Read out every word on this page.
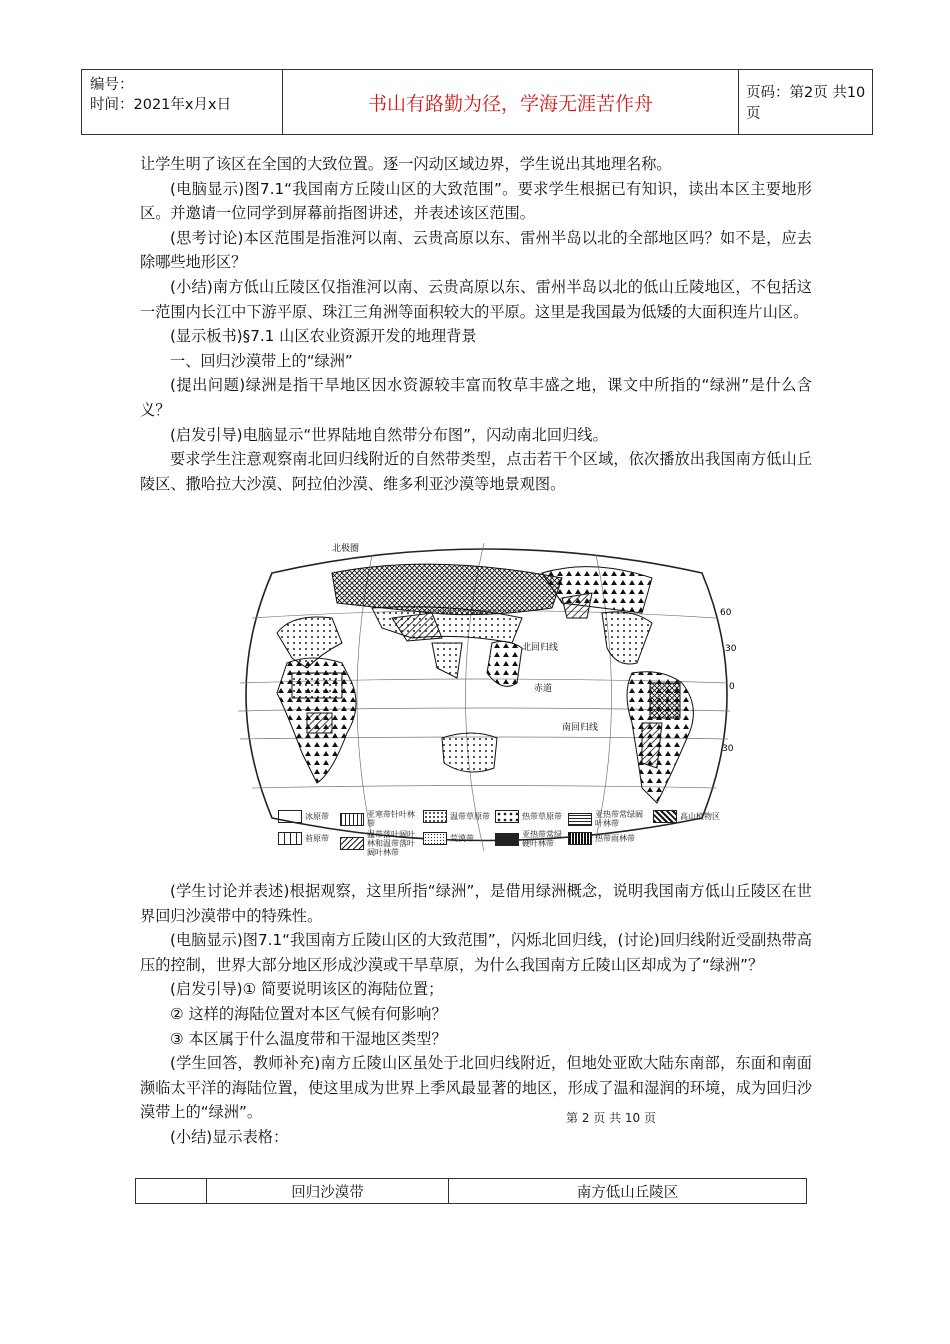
编号：
时间：2021年x月x日	书山有路勤为径，学海无涯苦作舟	页码：第2页 共10页

让学生明了该区在全国的大致位置。逐一闪动区域边界，学生说出其地理名称。

(电脑显示)图7.1“我国南方丘陵山区的大致范围”。要求学生根据已有知识，读出本区主要地形区。并邀请一位同学到屏幕前指图讲述，并表述该区范围。

(思考讨论)本区范围是指淮河以南、云贵高原以东、雷州半岛以北的全部地区吗？如不是，应去除哪些地形区？

(小结)南方低山丘陵区仅指淮河以南、云贵高原以东、雷州半岛以北的低山丘陵地区，不包括这一范围内长江中下游平原、珠江三角洲等面积较大的平原。这里是我国最为低矮的大面积连片山区。

(显示板书)§7.1 山区农业资源开发的地理背景

一、回归沙漠带上的“绿洲”

(提出问题)绿洲是指干旱地区因水资源较丰富而牧草丰盛之地，课文中所指的“绿洲”是什么含义？

(启发引导)电脑显示“世界陆地自然带分布图”，闪动南北回归线。

要求学生注意观察南北回归线附近的自然带类型，点击若干个区域，依次播放出我国南方低山丘陵区、撒哈拉大沙漠、阿拉伯沙漠、维多利亚沙漠等地景观图。

北极圈
北回归线
赤道
南回归线
60
30
0
30
冰原带	亚寒带针叶林带
温带草原带	热带草原带	亚热带常绿阔叶林带
高山植物区
苔原带	温带落叶阔叶林和温带落叶阔叶林带
荒漠带	亚热带常绿硬叶林带
热带雨林带

(学生讨论并表述)根据观察，这里所指“绿洲”，是借用绿洲概念，说明我国南方低山丘陵区在世界回归沙漠带中的特殊性。

(电脑显示)图7.1“我国南方丘陵山区的大致范围”，闪烁北回归线，(讨论)回归线附近受副热带高压的控制，世界大部分地区形成沙漠或干旱草原，为什么我国南方丘陵山区却成为了“绿洲”？

(启发引导)① 简要说明该区的海陆位置；

② 这样的海陆位置对本区气候有何影响？

③ 本区属于什么温度带和干湿地区类型？

(学生回答，教师补充)南方丘陵山区虽处于北回归线附近，但地处亚欧大陆东南部，东面和南面濒临太平洋的海陆位置，使这里成为世界上季风最显著的地区，形成了温和湿润的环境，成为回归沙漠带上的“绿洲”。

(小结)显示表格：

第 2 页 共 10 页
	回归沙漠带	南方低山丘陵区
